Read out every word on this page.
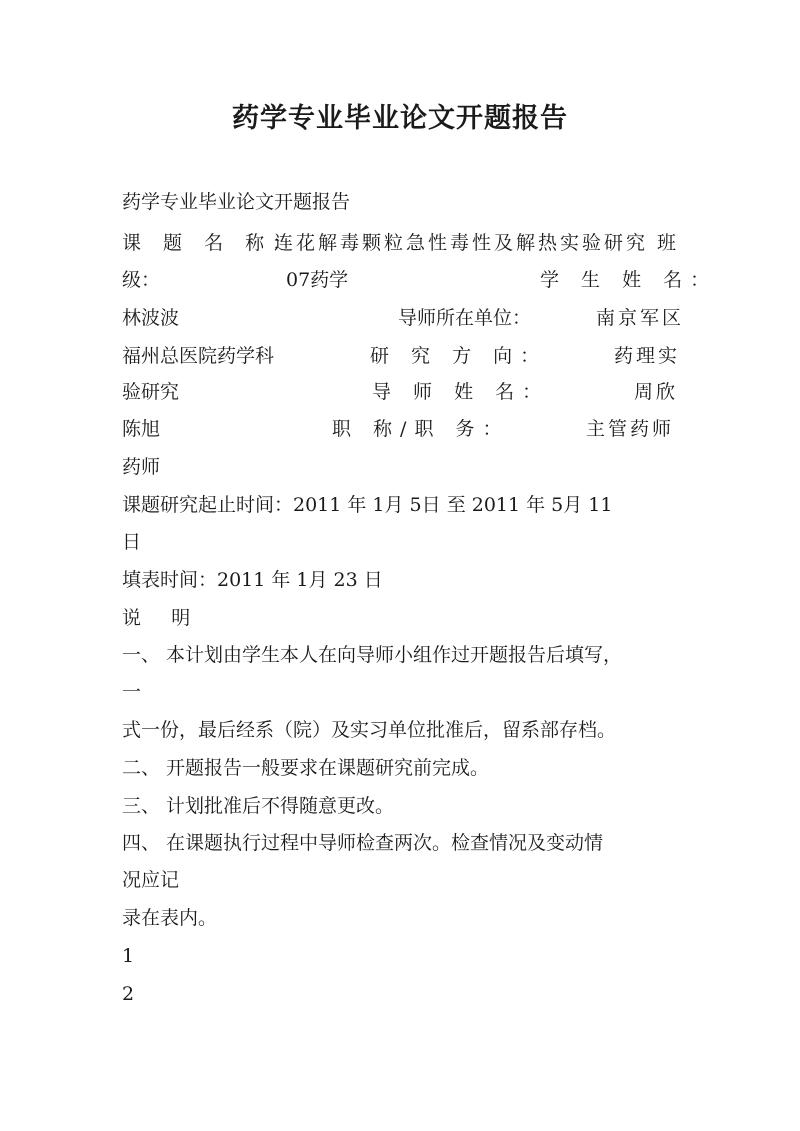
药学专业毕业论文开题报告
药学专业毕业论文开题报告
课 题 名 称：
连花解毒颗粒急性毒性及解热实验研究 班
级：	07药学	学 生 姓 名：
林波波	导师所在单位：	南京军区
福州总医院药学科	研 究 方 向：	药理实
验研究	导 师 姓 名：	周欣
陈旭	职 称/职 务：	主管药师
药师
课题研究起止时间：2011 年 1月 5日 至 2011 年 5月 11
日
填表时间：2011 年 1月 23 日
说     明
一、 本计划由学生本人在向导师小组作过开题报告后填写，
一
式一份，最后经系（院）及实习单位批准后，留系部存档。
二、 开题报告一般要求在课题研究前完成。
三、 计划批准后不得随意更改。
四、 在课题执行过程中导师检查两次。检查情况及变动情
况应记
录在表内。
1
2
